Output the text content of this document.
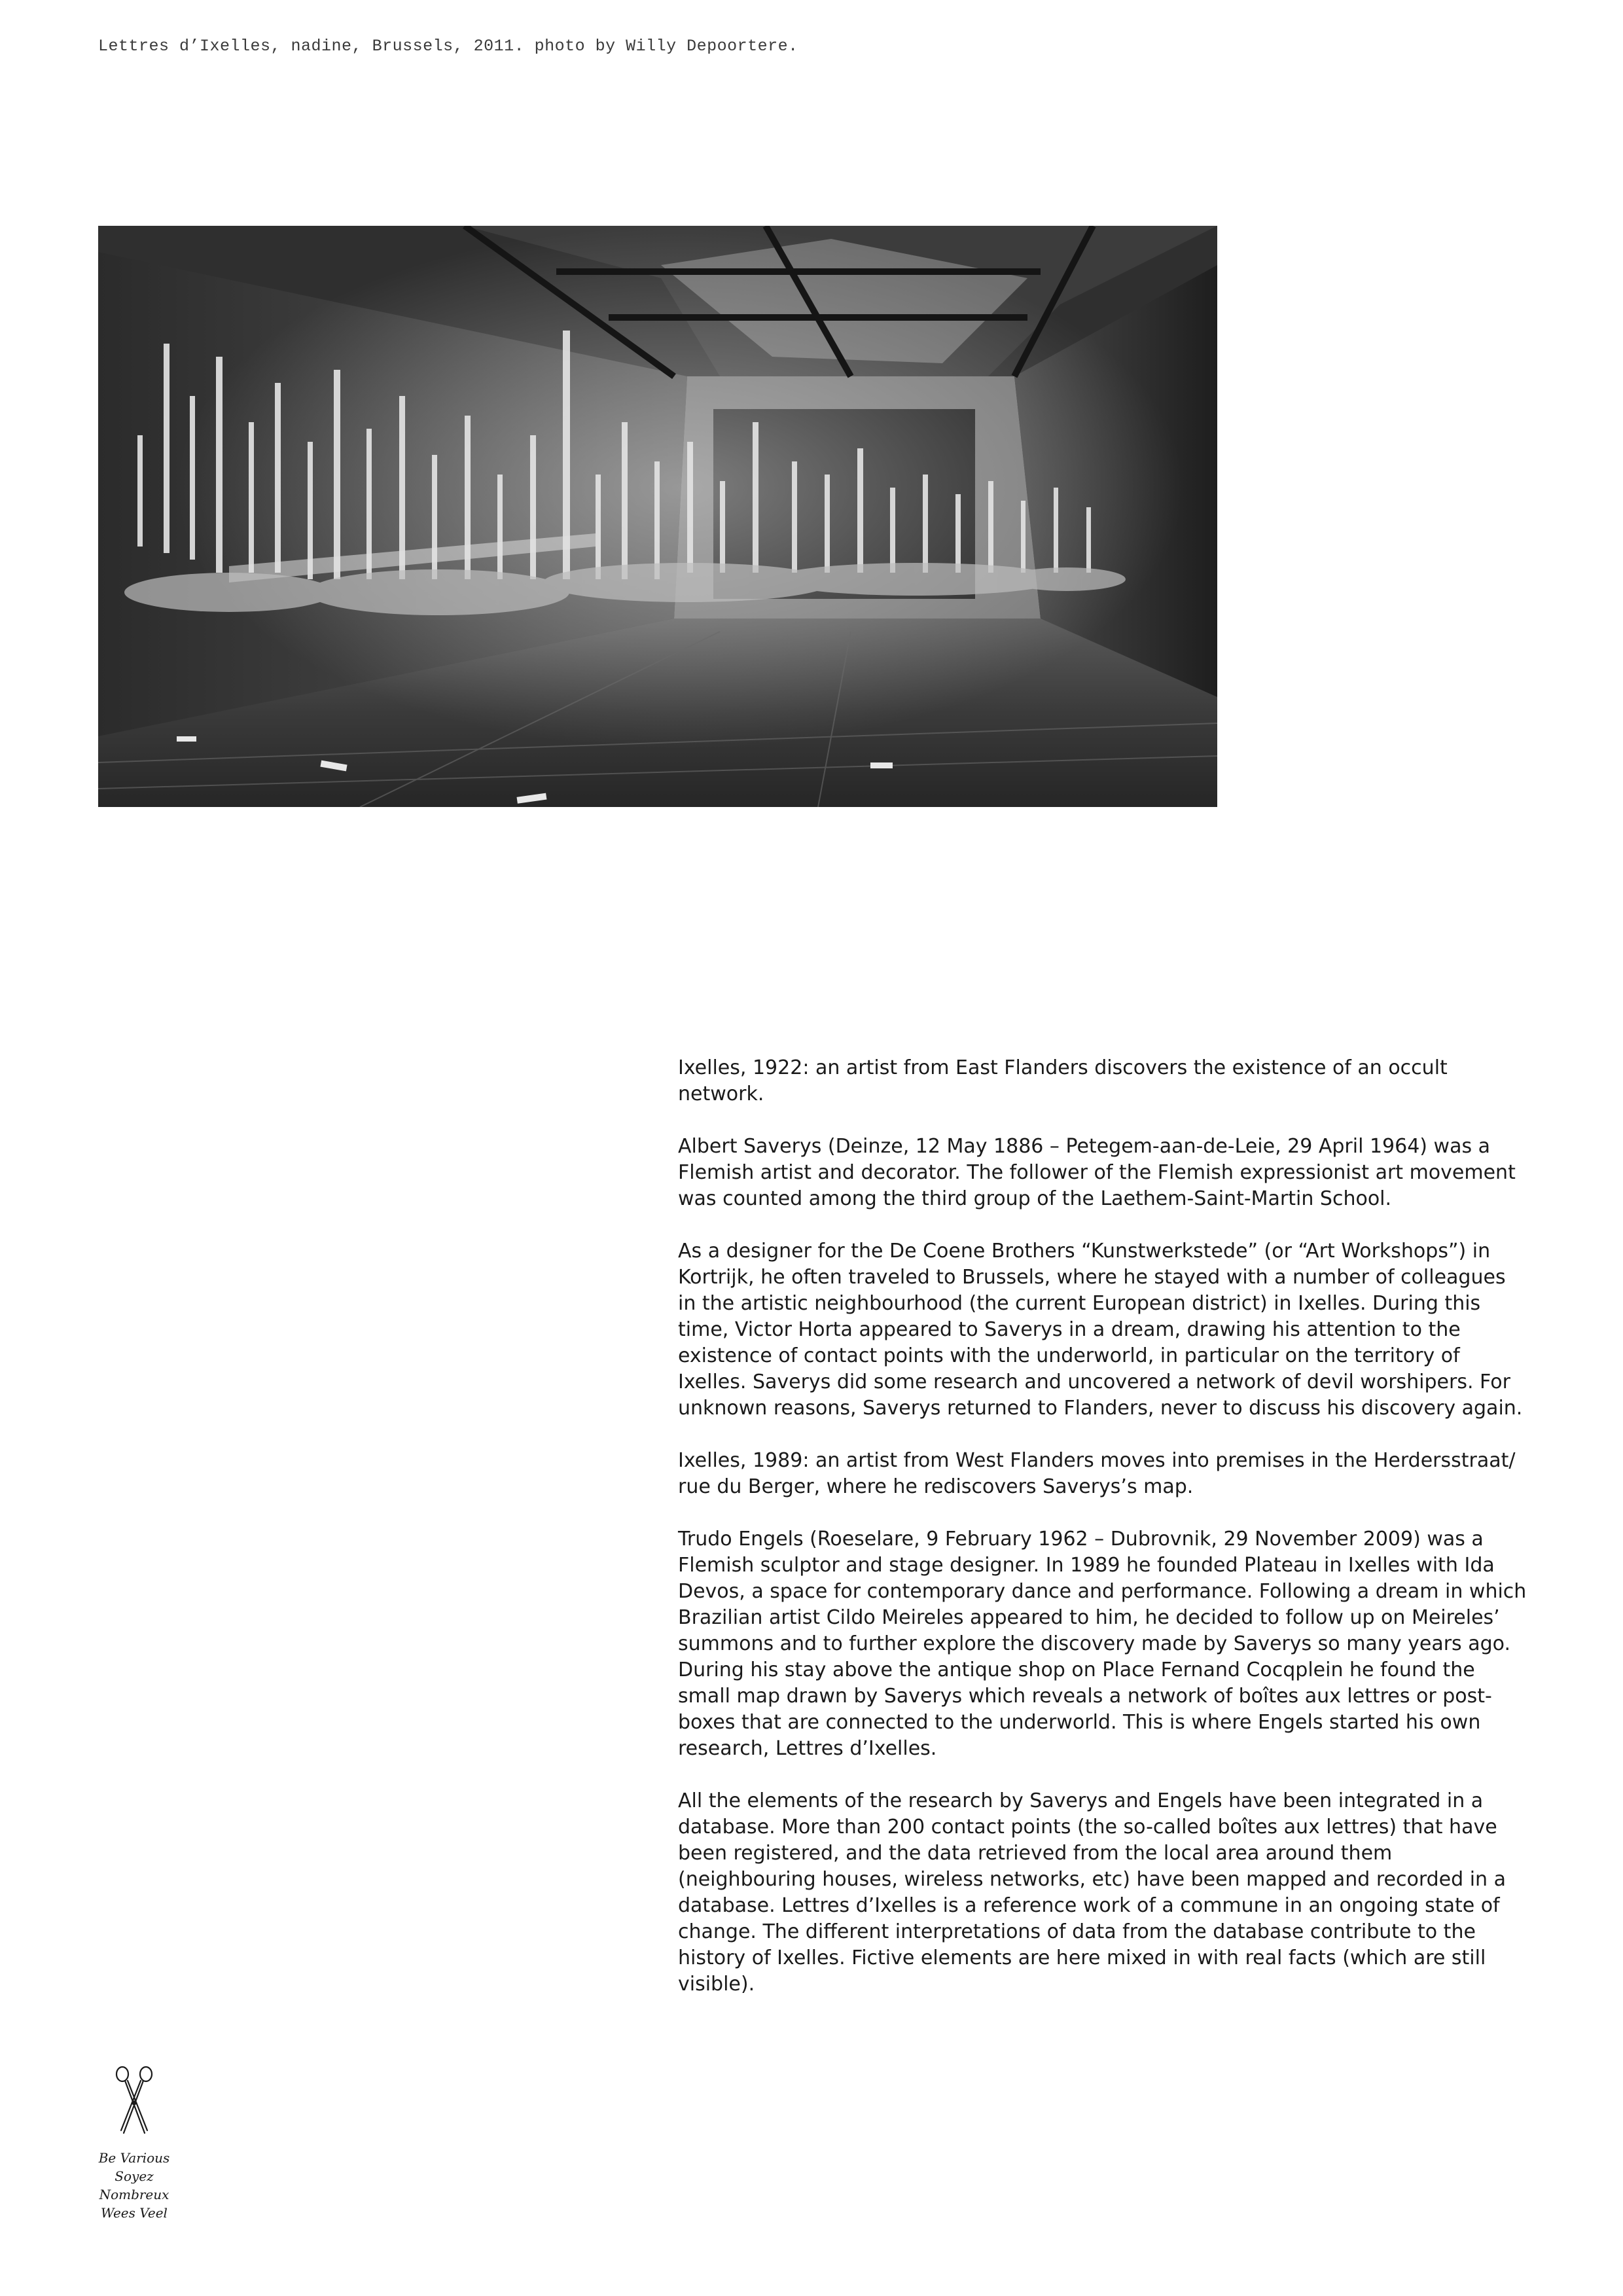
Lettres d’Ixelles, nadine, Brussels, 2011. photo by Willy Depoortere.

Ixelles, 1922: an artist from East Flanders discovers the existence of an occult network.

Albert Saverys (Deinze, 12 May 1886 – Petegem-aan-de-Leie, 29 April 1964) was a Flemish artist and decorator. The follower of the Flemish expressionist art movement was counted among the third group of the Laethem-Saint-Martin School.

As a designer for the De Coene Brothers “Kunstwerkstede” (or “Art Workshops”) in Kortrijk, he often traveled to Brussels, where he stayed with a number of colleagues in the artistic neighbourhood (the current European district) in Ixelles. During this time, Victor Horta appeared to Saverys in a dream, drawing his attention to the existence of contact points with the underworld, in particular on the territory of Ixelles. Saverys did some research and uncovered a network of devil worshipers. For unknown reasons, Saverys returned to Flanders, never to discuss his discovery again.

Ixelles, 1989: an artist from West Flanders moves into premises in the Herdersstraat/ rue du Berger, where he rediscovers Saverys’s map.

Trudo Engels (Roeselare, 9 February 1962 – Dubrovnik, 29 November 2009) was a Flemish sculptor and stage designer. In 1989 he founded Plateau in Ixelles with Ida Devos, a space for contemporary dance and performance. Following a dream in which Brazilian artist Cildo Meireles appeared to him, he decided to follow up on Meireles’ summons and to further explore the discovery made by Saverys so many years ago. During his stay above the antique shop on Place Fernand Cocqplein he found the small map drawn by Saverys which reveals a network of boîtes aux lettres or post-boxes that are connected to the underworld. This is where Engels started his own research, Lettres d’Ixelles.

All the elements of the research by Saverys and Engels have been integrated in a database. More than 200 contact points (the so-called boîtes aux lettres) that have been registered, and the data retrieved from the local area around them (neighbouring houses, wireless networks, etc) have been mapped and recorded in a database. Lettres d’Ixelles is a reference work of a commune in an ongoing state of change. The different interpretations of data from the database contribute to the history of Ixelles. Fictive elements are here mixed in with real facts (which are still visible).

Be Various
Soyez Nombreux
Wees Veel
